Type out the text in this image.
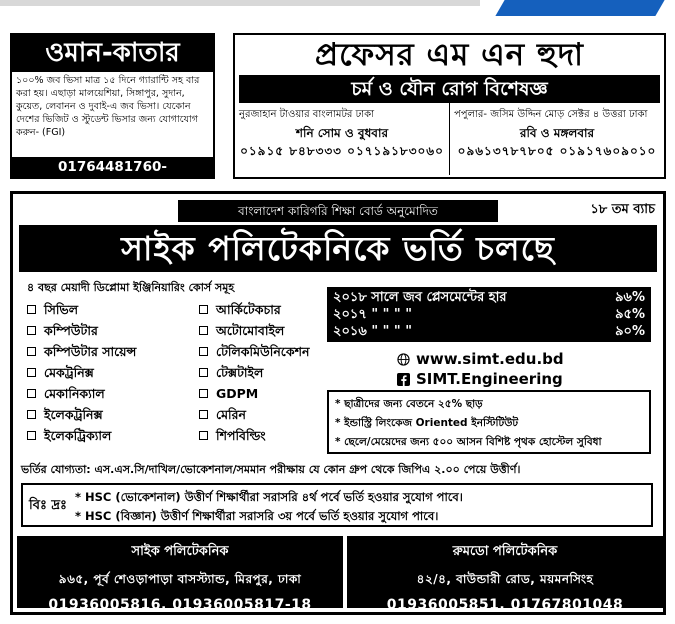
ওমান-কাতার
১০০% জব ভিসা মাত্র ১৫ দিনে গ্যারান্টি সহ বার করা হয়। এছাড়া মালয়েশিয়া, সিঙ্গাপুর, সুদান, কুয়েত, লেবানন ও দুবাই-এ জব ভিসা। যেকোন দেশের ভিজিট ও স্টুডেন্ট ভিসার জন্য যোগাযোগ করুন- (FGI)
01764481760-01762199628
প্রফেসর এম এন হুদা
চর্ম ও যৌন রোগ বিশেষজ্ঞ
নুরজাহান টাওয়ার বাংলামটর ঢাকা
শনি সোম ও বুধবার
০১৯১৫ ৮৪৮৩৩৩ ০১৭১৯১৮৩০৬০
পপুলার- জসিম উদ্দিন মোড় সেক্টর ৪ উত্তরা ঢাকা
রবি ও মঙ্গলবার
০৯৬১৩৭৮৭৮০৫ ০১৯১৭৬০৯০১০
বাংলাদেশ কারিগরি শিক্ষা বোর্ড অনুমোদিত	১৮ তম ব্যাচ
সাইক পলিটেকনিকে ভর্তি চলছে
৪ বছর মেয়াদী ডিপ্লোমা ইঞ্জিনিয়ারিং কোর্স সমূহ
সিভিল
কম্পিউটার
কম্পিউটার সায়েন্স
মেকট্রনিক্স
মেকানিক্যাল
ইলেকট্রনিক্স
ইলেকট্রিক্যাল
আর্কিটেকচার
অটোমোবাইল
টেলিকমিউনিকেশন
টেক্সটাইল
GDPM
মেরিন
শিপবিল্ডিং
২০১৮ সালে জব প্লেসমেন্টের হার	৯৬%
২০১৭ " " " "	৯৫%
২০১৬ " " " "	৯০%
www.simt.edu.bd
SIMT.Engineering
* ছাত্রীদের জন্য বেতনে ২৫% ছাড়
* ইন্ডাস্ট্রি লিংকেজ Oriented ইনস্টিটিউট
* ছেলে/মেয়েদের জন্য ৫০০ আসন বিশিষ্ট পৃথক হোস্টেল সুবিধা
ভর্তির যোগ্যতা: এস.এস.সি/দাখিল/ভোকেশনাল/সমমান পরীক্ষায় যে কোন গ্রুপ থেকে জিপিএ ২.০০ পেয়ে উত্তীর্ণ।
বিঃ দ্রঃ
* HSC (ভোকেশনাল) উত্তীর্ণ শিক্ষার্থীরা সরাসরি ৪র্থ পর্বে ভর্তি হওয়ার সুযোগ পাবে।
* HSC (বিজ্ঞান) উত্তীর্ণ শিক্ষার্থীরা সরাসরি ৩য় পর্বে ভর্তি হওয়ার সুযোগ পাবে।
সাইক পলিটেকনিক
৯৬৫, পূর্ব শেওড়াপাড়া বাসস্ট্যান্ড, মিরপুর, ঢাকা
01936005816, 01936005817-18
রুমডো পলিটেকনিক
৪২/৪, বাউন্ডারী রোড, ময়মনসিংহ
01936005851, 01767801048
